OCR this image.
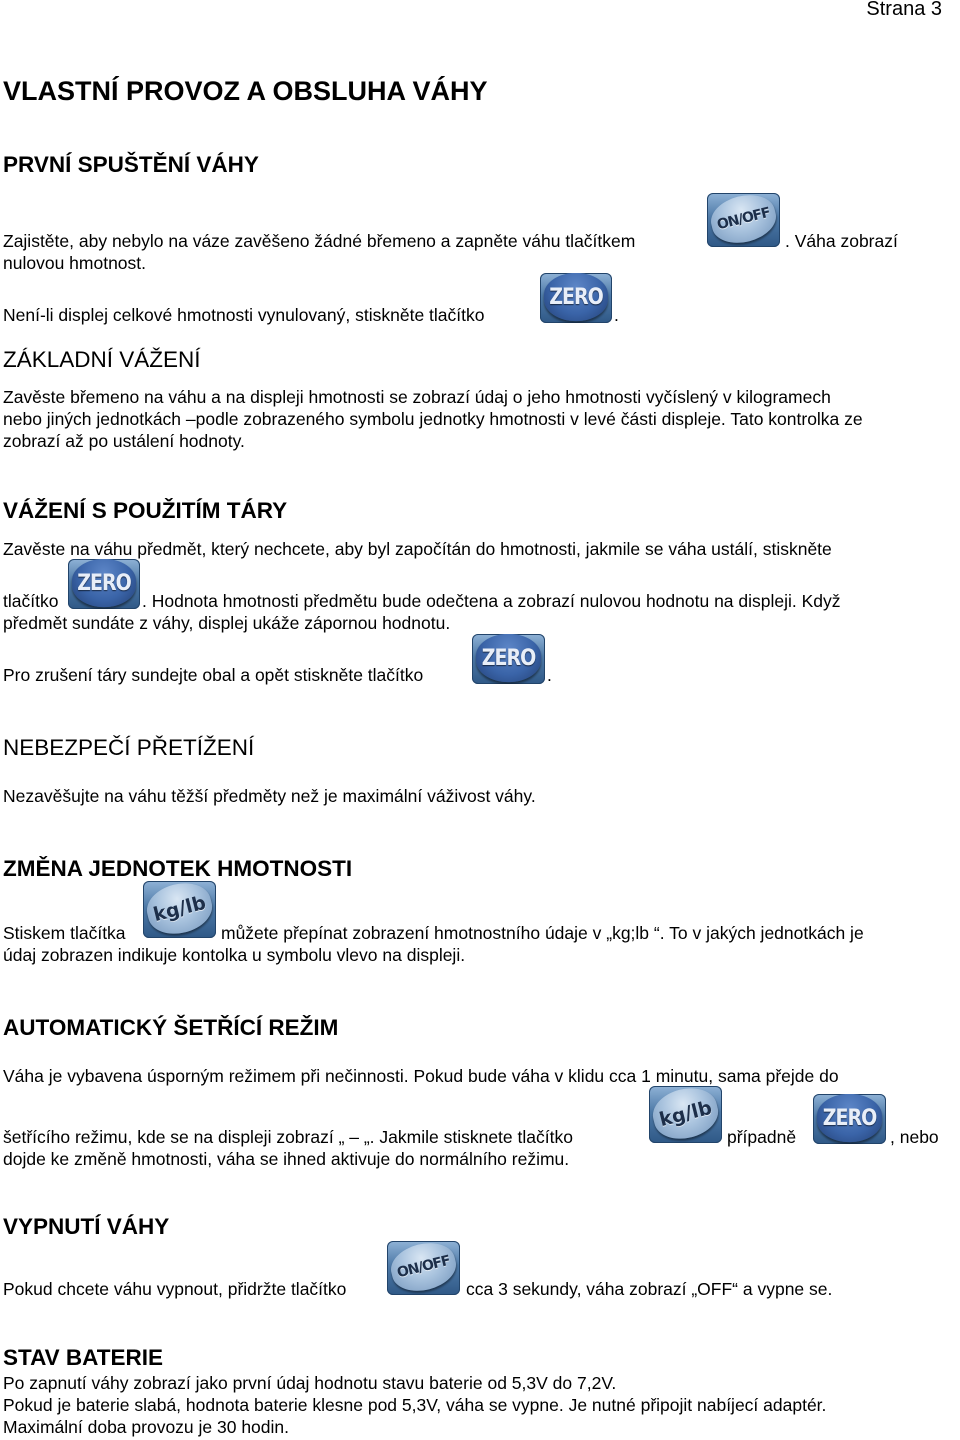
Strana 3
VLASTNÍ PROVOZ A OBSLUHA VÁHY
PRVNÍ SPUŠTĚNÍ VÁHY
Zajistěte, aby nebylo na váze zavěšeno žádné břemeno a zapněte váhu tlačítkem
ON/OFF
. Váha zobrazí
nulovou hmotnost.
Není-li displej celkové hmotnosti vynulovaný, stiskněte tlačítko
ZERO
.
ZÁKLADNÍ VÁŽENÍ
Zavěste břemeno na váhu a na displeji hmotnosti se zobrazí údaj o jeho hmotnosti vyčíslený v kilogramech
nebo jiných jednotkách –podle zobrazeného symbolu jednotky hmotnosti v levé části displeje. Tato kontrolka ze
zobrazí až po ustálení hodnoty.
VÁŽENÍ S POUŽITÍM TÁRY
Zavěste na váhu předmět, který nechcete, aby byl započítán do hmotnosti, jakmile se váha ustálí, stiskněte
tlačítko
ZERO
. Hodnota hmotnosti předmětu bude odečtena a zobrazí nulovou hodnotu na displeji. Když
předmět sundáte z váhy, displej ukáže zápornou hodnotu.
Pro zrušení táry sundejte obal a opět stiskněte tlačítko
ZERO
.
NEBEZPEČÍ PŘETÍŽENÍ
Nezavěšujte na váhu těžší předměty než je maximální váživost váhy.
ZMĚNA JEDNOTEK HMOTNOSTI
Stiskem tlačítka
kg/lb
můžete přepínat zobrazení hmotnostního údaje v „kg;lb “. To v jakých jednotkách je
údaj zobrazen indikuje kontolka u symbolu vlevo na displeji.
AUTOMATICKÝ ŠETŘÍCÍ REŽIM
Váha je vybavena úsporným režimem při nečinnosti. Pokud bude váha v klidu cca 1 minutu, sama přejde do
šetřícího režimu, kde se na displeji zobrazí „ – „. Jakmile stisknete tlačítko
kg/lb
případně
ZERO
, nebo
dojde ke změně hmotnosti, váha se ihned aktivuje do normálního režimu.
VYPNUTÍ VÁHY
Pokud chcete váhu vypnout, přidržte tlačítko
ON/OFF
cca 3 sekundy, váha zobrazí „OFF“ a vypne se.
STAV BATERIE
Po zapnutí váhy zobrazí jako první údaj hodnotu stavu baterie od 5,3V do 7,2V.
Pokud je baterie slabá, hodnota baterie klesne pod 5,3V, váha se vypne. Je nutné připojit nabíjecí adaptér.
Maximální doba provozu je 30 hodin.
